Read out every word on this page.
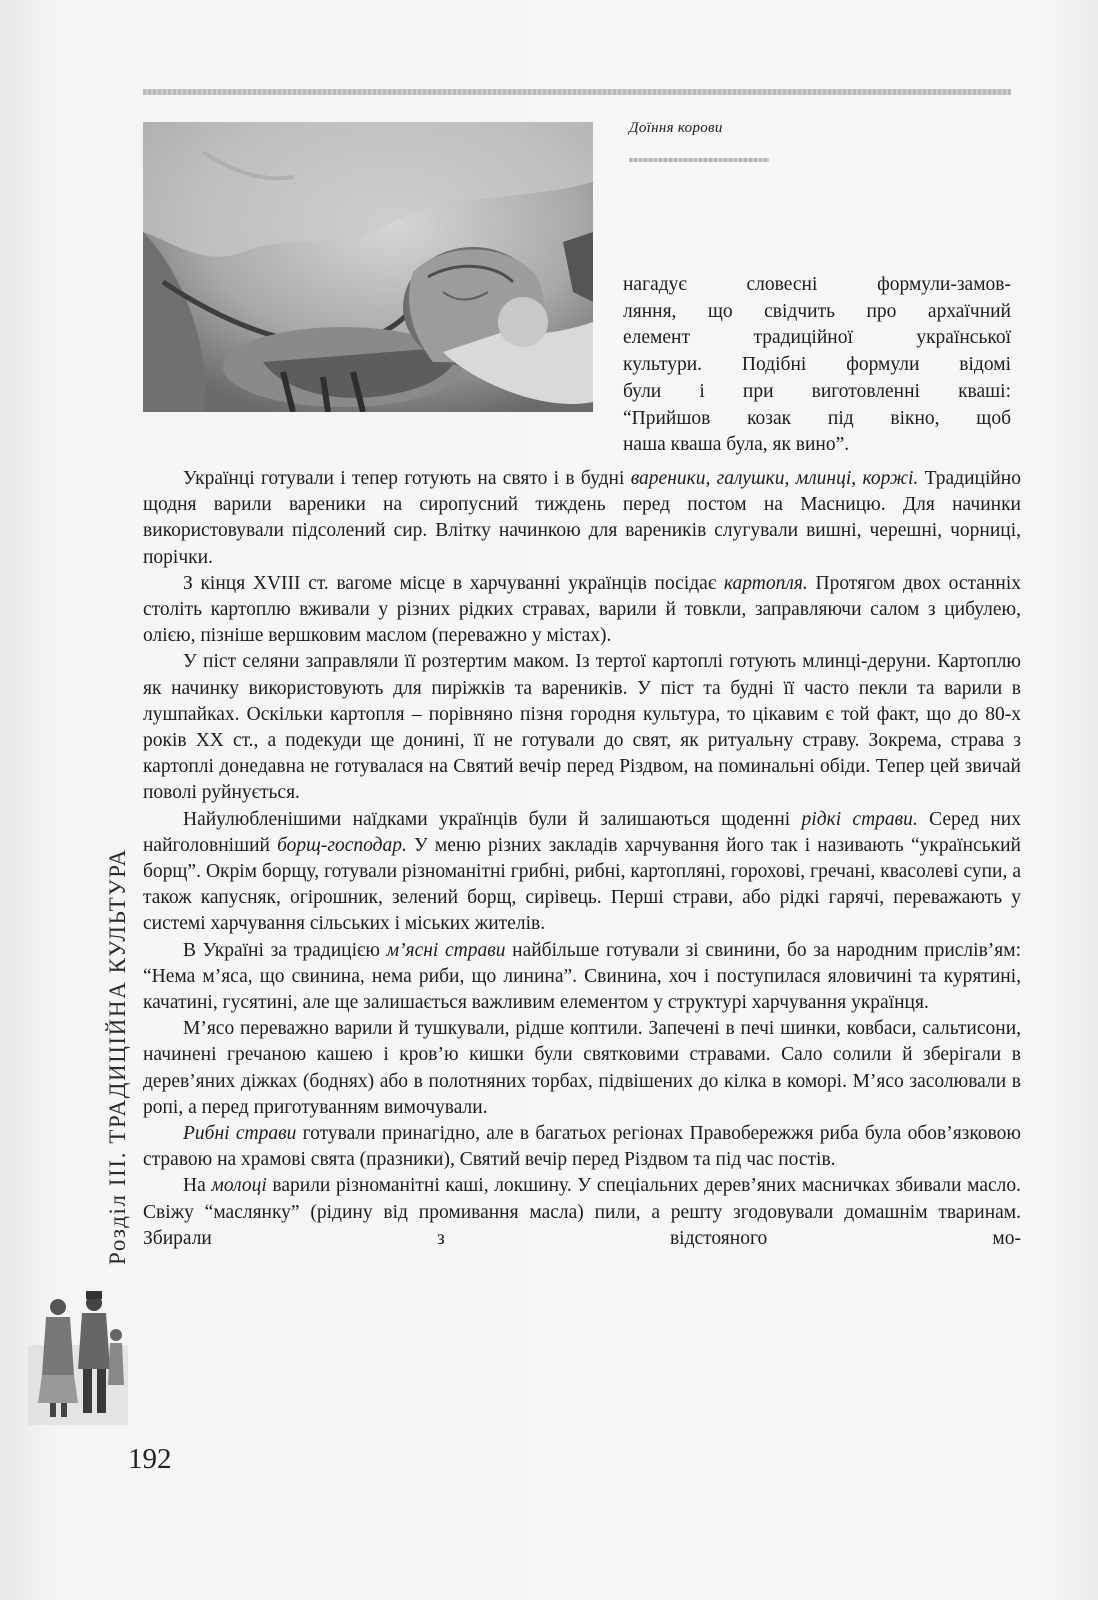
Доїння корови

нагадує словесні формули-замов-

ляння, що свідчить про архаїчний

елемент традиційної української

культури. Подібні формули відомі

були і при виготовленні кваші:

“Прийшов козак під вікно, щоб

наша кваша була, як вино”.

Українці готували і тепер готують на свято і в будні вареники, галушки, млинці, коржі. Традиційно щодня варили вареники на сиропусний тиждень перед постом на Масницю. Для начинки використовували підсолений сир. Влітку начинкою для вареників слугували вишні, черешні, чорниці, порічки.

З кінця XVIII ст. вагоме місце в харчуванні українців посідає картопля. Протягом двох останніх століть картоплю вживали у різних рідких стравах, варили й товкли, заправляючи салом з цибулею, олією, пізніше вершковим маслом (переважно у містах).

У піст селяни заправляли її розтертим маком. Із тертої картоплі готують млинці-деруни. Картоплю як начинку використовують для пиріжків та вареників. У піст та будні її часто пекли та варили в лушпайках. Оскільки картопля – порівняно пізня городня культура, то цікавим є той факт, що до 80-х років XX ст., а подекуди ще донині, її не готували до свят, як ритуальну страву. Зокрема, страва з картоплі донедавна не готувалася на Святий вечір перед Різдвом, на поминальні обіди. Тепер цей звичай поволі руйнується.

Найулюбленішими наїдками українців були й залишаються щоденні рідкі страви. Серед них найголовніший борщ-господар. У меню різних закладів харчування його так і називають “український борщ”. Окрім борщу, готували різноманітні грибні, рибні, картопляні, горохові, гречані, квасолеві супи, а також капусняк, огірошник, зелений борщ, сирівець. Перші страви, або рідкі гарячі, переважають у системі харчування сільських і міських жителів.

В Україні за традицією м’ясні страви найбільше готували зі свинини, бо за народним прислів’ям: “Нема м’яса, що свинина, нема риби, що линина”. Свинина, хоч і поступилася яловичині та курятині, качатині, гусятині, але ще залишається важливим елементом у структурі харчування українця.

М’ясо переважно варили й тушкували, рідше коптили. Запечені в печі шинки, ковбаси, сальтисони, начинені гречаною кашею і кров’ю кишки були святковими стравами. Сало солили й зберігали в дерев’яних діжках (боднях) або в полотняних торбах, підвішених до кілка в коморі. М’ясо засолювали в ропі, а перед приготуванням вимочували.

Рибні страви готували принагідно, але в багатьох регіонах Правобережжя риба була обов’язковою стравою на храмові свята (празники), Святий вечір перед Різдвом та під час постів.

На молоці варили різноманітні каші, локшину. У спеціальних дерев’яних масничках збивали масло. Свіжу “маслянку” (рідину від промивання масла) пили, а решту згодовували домашнім тваринам. Збирали з відстояного мо-

Розділ III. ТРАДИЦІЙНА КУЛЬТУРА
192
